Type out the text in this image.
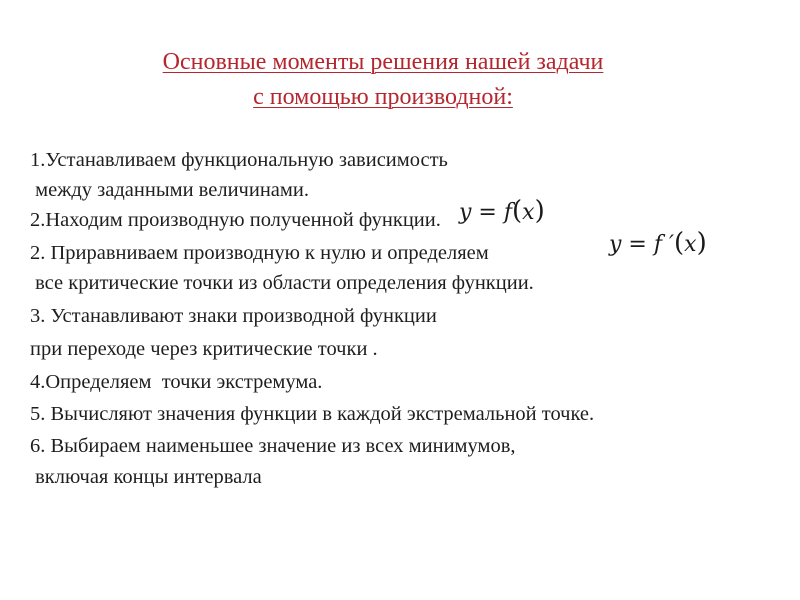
Основные моменты решения нашей задачи
с помощью производной:
1.Устанавливаем функциональную зависимость
между заданными величинами.
2.Находим производную полученной функции.
2. Приравниваем производную к нулю и определяем
все критические точки из области определения функции.
3. Устанавливают знаки производной функции
при переходе через критические точки .
4.Определяем  точки экстремума.
5. Вычисляют значения функции в каждой экстремальной точке.
6. Выбираем наименьшее значение из всех минимумов,
включая концы интервала

y = f(x)

y = f ′(x)
